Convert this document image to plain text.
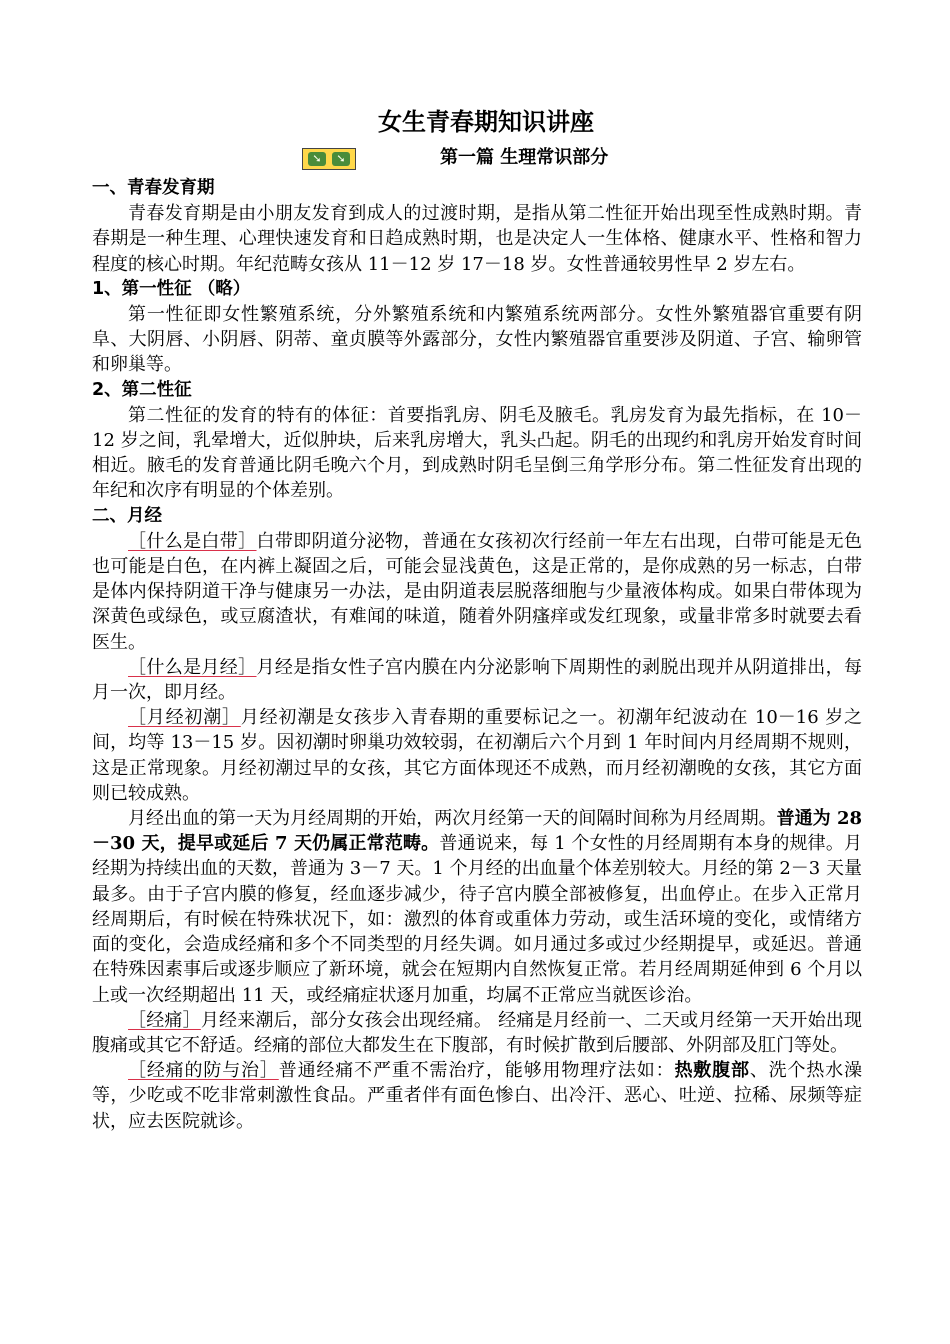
女生青春期知识讲座
➘	➘	第一篇 生理常识部分
一、青春发育期

青春发育期是由小朋友发育到成人的过渡时期，是指从第二性征开始出现至性成熟时期。青春期是一种生理、心理快速发育和日趋成熟时期，也是决定人一生体格、健康水平、性格和智力程度的核心时期。年纪范畴女孩从 11－12 岁 17－18 岁。女性普通较男性早 2 岁左右。

1、第一性征 （略）

第一性征即女性繁殖系统，分外繁殖系统和内繁殖系统两部分。女性外繁殖器官重要有阴阜、大阴唇、小阴唇、阴蒂、童贞膜等外露部分，女性内繁殖器官重要涉及阴道、子宫、输卵管和卵巢等。

2、第二性征

第二性征的发育的特有的体征：首要指乳房、阴毛及腋毛。乳房发育为最先指标，在 10－12 岁之间，乳晕增大，近似肿块，后来乳房增大，乳头凸起。阴毛的出现约和乳房开始发育时间相近。腋毛的发育普通比阴毛晚六个月，到成熟时阴毛呈倒三角学形分布。第二性征发育出现的年纪和次序有明显的个体差别。

二、月经

［什么是白带］白带即阴道分泌物，普通在女孩初次行经前一年左右出现，白带可能是无色也可能是白色，在内裤上凝固之后，可能会显浅黄色，这是正常的，是你成熟的另一标志，白带是体内保持阴道干净与健康另一办法，是由阴道表层脱落细胞与少量液体构成。如果白带体现为深黄色或绿色，或豆腐渣状，有难闻的味道，随着外阴瘙痒或发红现象，或量非常多时就要去看医生。

［什么是月经］月经是指女性子宫内膜在内分泌影响下周期性的剥脱出现并从阴道排出，每月一次，即月经。

［月经初潮］月经初潮是女孩步入青春期的重要标记之一。初潮年纪波动在 10－16 岁之间，均等 13－15 岁。因初潮时卵巢功效较弱，在初潮后六个月到 1 年时间内月经周期不规则，这是正常现象。月经初潮过早的女孩，其它方面体现还不成熟，而月经初潮晚的女孩，其它方面则已较成熟。

月经出血的第一天为月经周期的开始，两次月经第一天的间隔时间称为月经周期。普通为 28－30 天，提早或延后 7 天仍属正常范畴。普通说来，每 1 个女性的月经周期有本身的规律。月经期为持续出血的天数，普通为 3－7 天。1 个月经的出血量个体差别较大。月经的第 2－3 天量最多。由于子宫内膜的修复，经血逐步减少，待子宫内膜全部被修复，出血停止。在步入正常月经周期后，有时候在特殊状况下，如：激烈的体育或重体力劳动，或生活环境的变化，或情绪方面的变化，会造成经痛和多个不同类型的月经失调。如月通过多或过少经期提早，或延迟。普通在特殊因素事后或逐步顺应了新环境，就会在短期内自然恢复正常。若月经周期延伸到 6 个月以上或一次经期超出 11 天，或经痛症状逐月加重，均属不正常应当就医诊治。

［经痛］月经来潮后，部分女孩会出现经痛。 经痛是月经前一、二天或月经第一天开始出现腹痛或其它不舒适。经痛的部位大都发生在下腹部，有时候扩散到后腰部、外阴部及肛门等处。

［经痛的防与治］普通经痛不严重不需治疗，能够用物理疗法如：热敷腹部、洗个热水澡等，少吃或不吃非常刺激性食品。严重者伴有面色惨白、出冷汗、恶心、吐逆、拉稀、尿频等症状，应去医院就诊。
